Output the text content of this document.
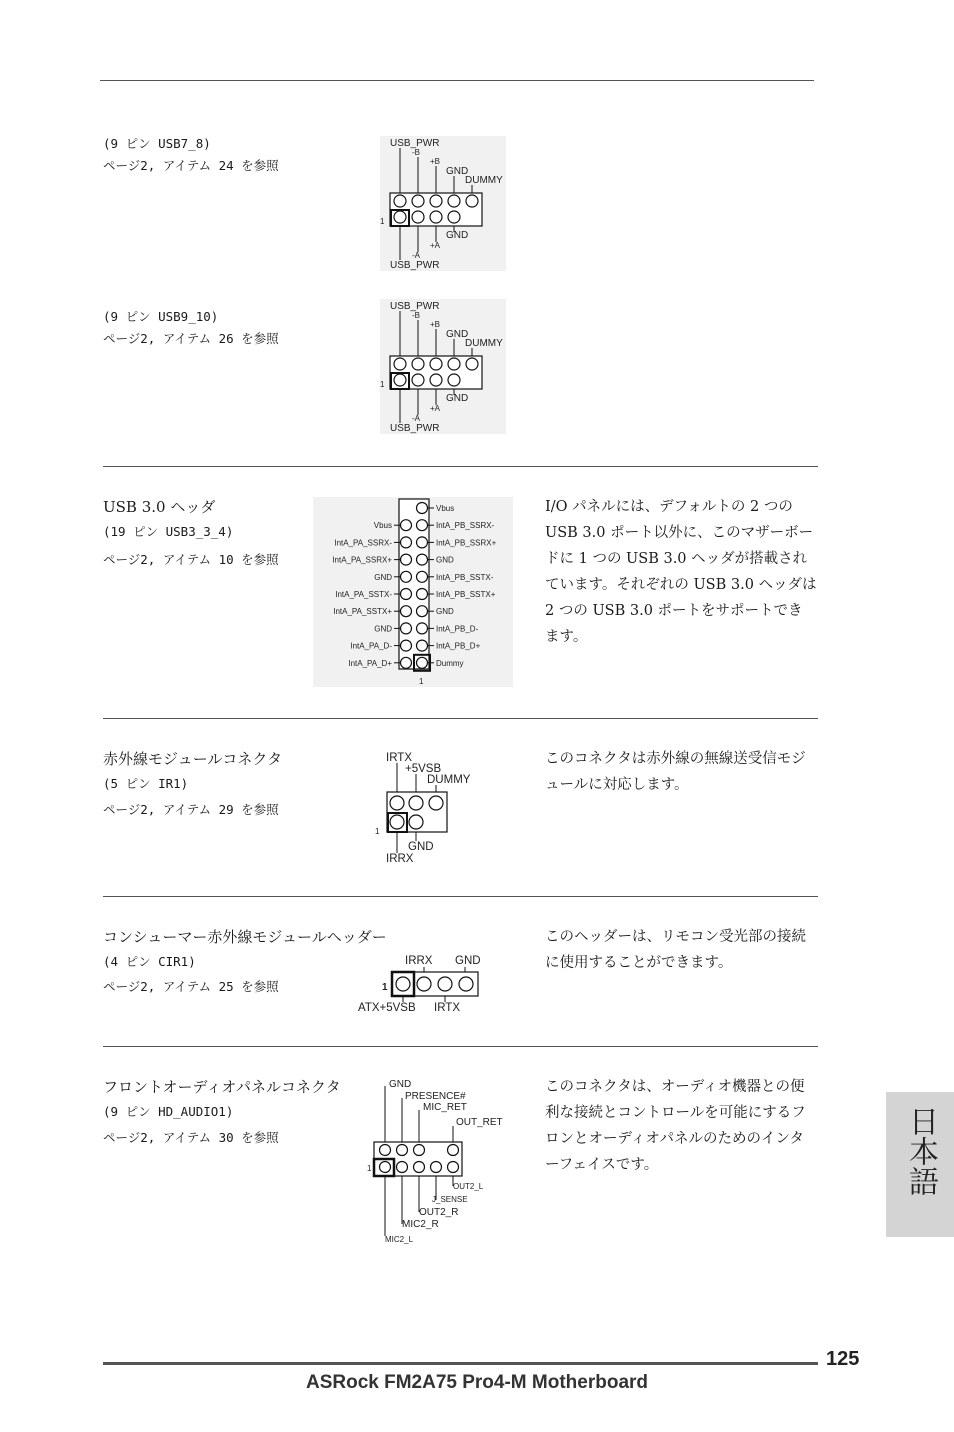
(9 ピン USB7_8)
ページ2, アイテム 24 を参照
USB_PWR
-B
+B
GND
DUMMY
1
GND
+A
-A
USB_PWR
(9 ピン USB9_10)
ページ2, アイテム 26 を参照
USB_PWR
-B
+B
GND
DUMMY
1
GND
+A
-A
USB_PWR
USB 3.0 ヘッダ
(19 ピン USB3_3_4)
ページ2, アイテム 10 を参照
Vbus
IntA_PA_SSRX-
IntA_PA_SSRX+
GND
IntA_PA_SSTX-
IntA_PA_SSTX+
GND
IntA_PA_D-
IntA_PA_D+
Vbus
IntA_PB_SSRX-
IntA_PB_SSRX+
GND
IntA_PB_SSTX-
IntA_PB_SSTX+
GND
IntA_PB_D-
IntA_PB_D+
Dummy
1
I/O パネルには、デフォルトの 2 つの USB 3.0 ポート以外に、このマザーボードに 1 つの USB 3.0 ヘッダが搭載されています。それぞれの USB 3.0 ヘッダは 2 つの USB 3.0 ポートをサポートできます。
赤外線モジュールコネクタ
(5 ピン IR1)
ページ2, アイテム 29 を参照
IRTX
+5VSB
DUMMY
1
GND
IRRX
このコネクタは赤外線の無線送受信モジュールに対応します。
コンシューマー赤外線モジュールヘッダー
(4 ピン CIR1)
ページ2, アイテム 25 を参照
IRRX GND
1
ATX+5VSB IRTX
このヘッダーは、リモコン受光部の接続に使用することができます。
フロントオーディオパネルコネクタ
(9 ピン HD_AUDIO1)
ページ2, アイテム 30 を参照
GND
PRESENCE#
MIC_RET
OUT_RET
1
OUT2_L
J_SENSE
OUT2_R
MIC2_R
MIC2_L
このコネクタは、オーディオ機器との便利な接続とコントロールを可能にするフロンとオーディオパネルのためのインターフェイスです。	日本語
125
ASRock FM2A75 Pro4-M Motherboard
